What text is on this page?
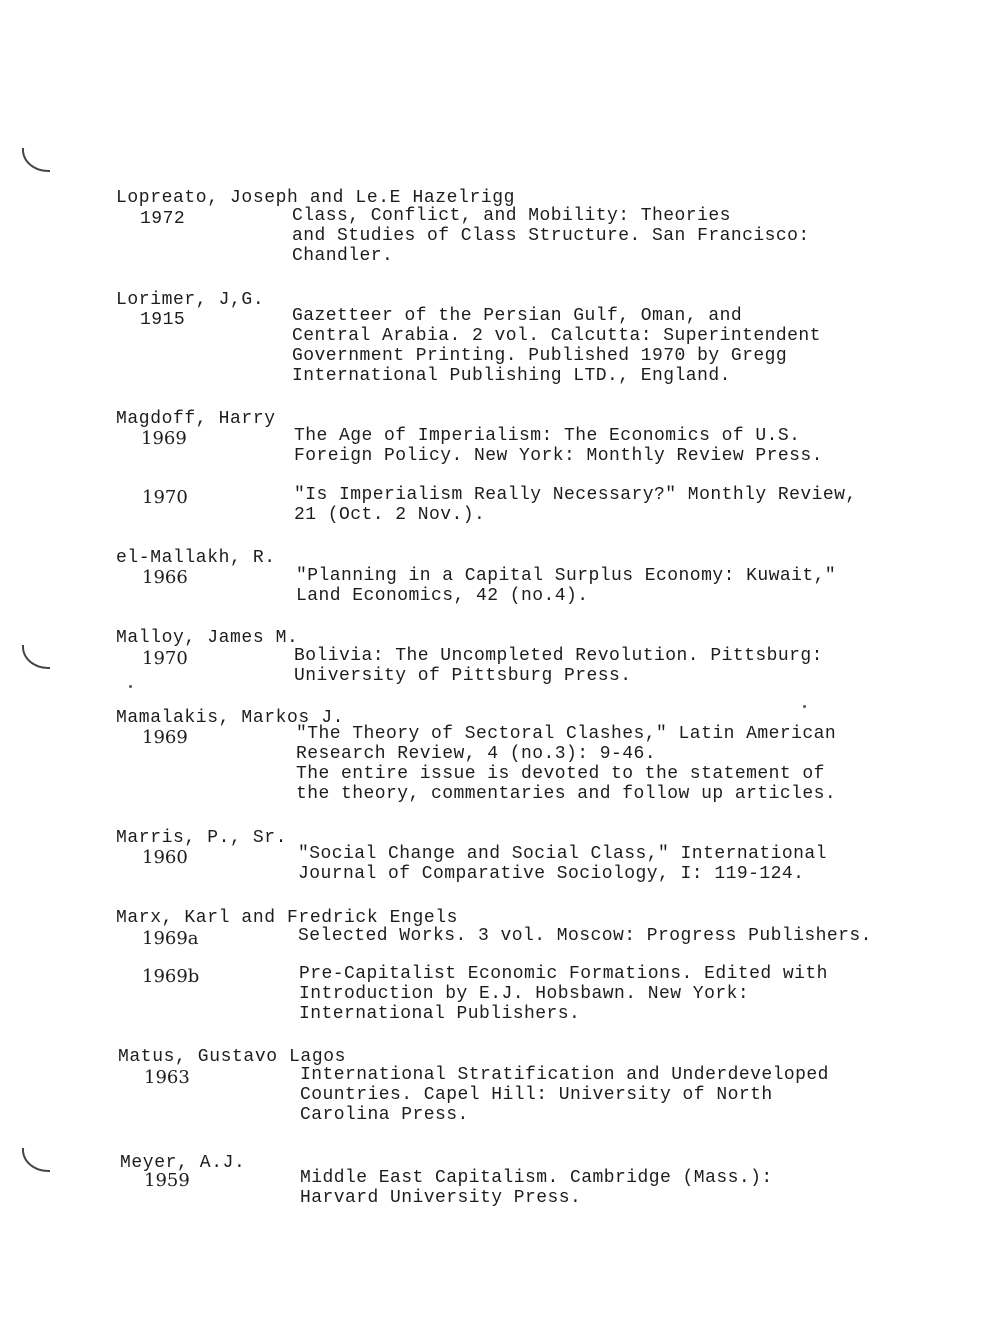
Lopreato, Joseph and Le.E Hazelrigg
1972	Class, Conflict, and Mobility: Theories
and Studies of Class Structure. San Francisco:
Chandler.
Lorimer, J,G.
1915	Gazetteer of the Persian Gulf, Oman, and
Central Arabia. 2 vol. Calcutta: Superintendent
Government Printing. Published 1970 by Gregg
International Publishing LTD., England.
Magdoff, Harry
1969	The Age of Imperialism: The Economics of U.S.
Foreign Policy. New York: Monthly Review Press.
1970	"Is Imperialism Really Necessary?" Monthly Review,
21 (Oct. 2 Nov.).
el-Mallakh, R.
1966	"Planning in a Capital Surplus Economy: Kuwait,"
Land Economics, 42 (no.4).
Malloy, James M.
1970	Bolivia: The Uncompleted Revolution. Pittsburg:
University of Pittsburg Press.
Mamalakis, Markos J.
1969	"The Theory of Sectoral Clashes," Latin American
Research Review, 4 (no.3): 9-46.
The entire issue is devoted to the statement of
the theory, commentaries and follow up articles.
Marris, P., Sr.
1960	"Social Change and Social Class," International
Journal of Comparative Sociology, I: 119-124.
Marx, Karl and Fredrick Engels
1969a	Selected Works. 3 vol. Moscow: Progress Publishers.
1969b	Pre-Capitalist Economic Formations. Edited with
Introduction by E.J. Hobsbawn. New York:
International Publishers.
Matus, Gustavo Lagos
1963	International Stratification and Underdeveloped
Countries. Capel Hill: University of North
Carolina Press.
Meyer, A.J.
1959	Middle East Capitalism. Cambridge (Mass.):
Harvard University Press.
